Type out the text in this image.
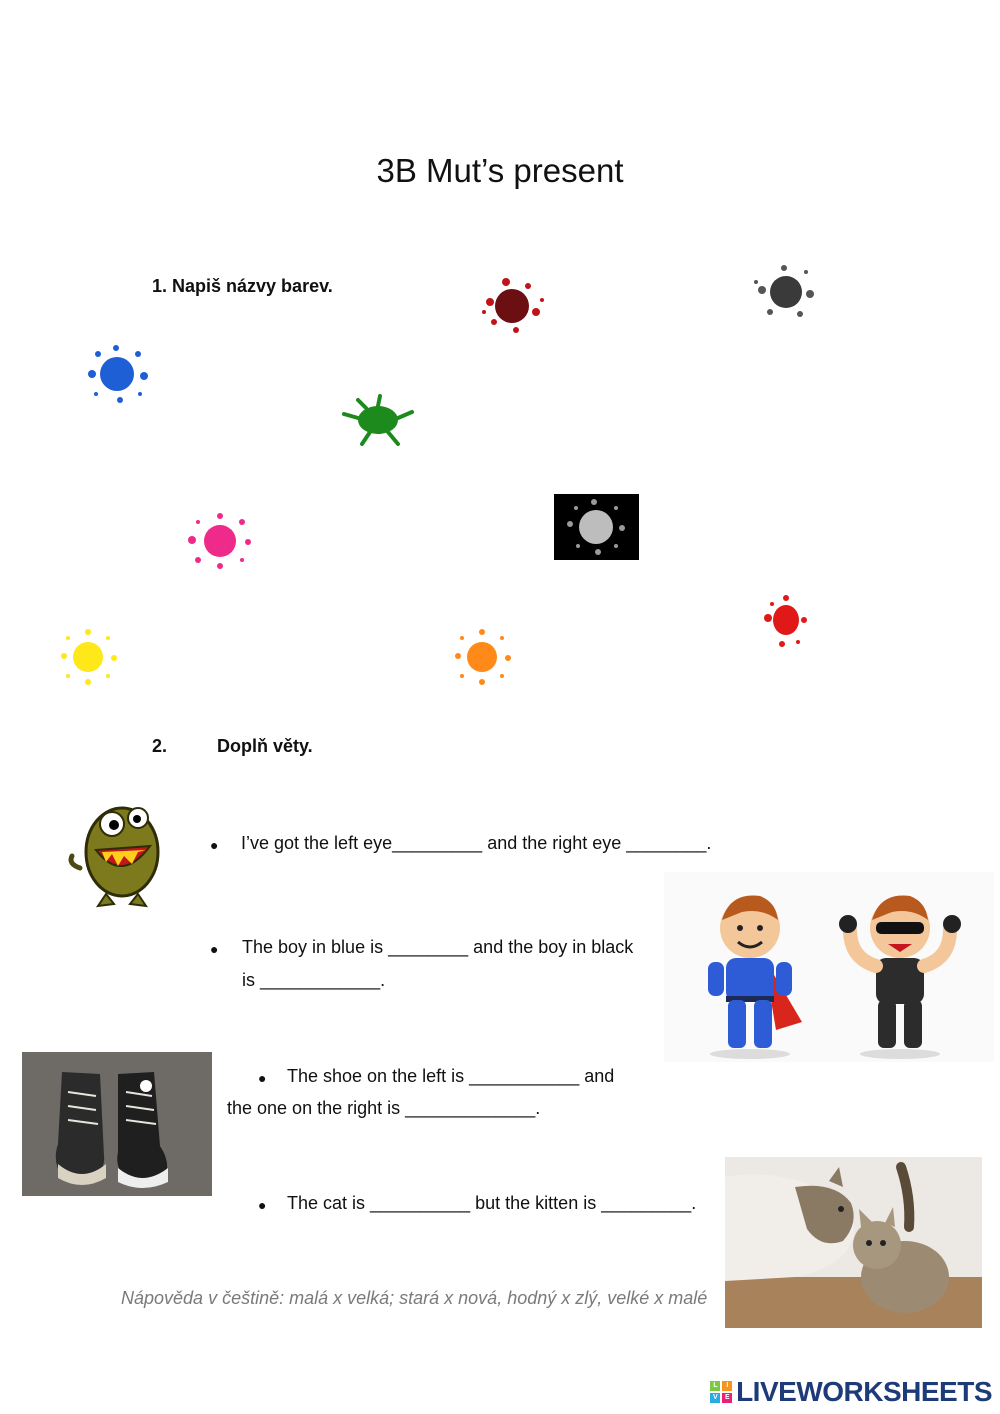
3B Mut’s present
1. Napiš názvy barev.
2.	Doplň věty.
● I’ve got the left eye_________ and the right eye ________.
● The boy in blue is ________ and the boy in black
is ____________.
● The shoe on the left is ___________ and
the one on the right is _____________.
● The cat is __________ but the kitten is _________.
Nápověda v češtině: malá x velká; stará x nová, hodný x zlý, velké x malé
L	I
V	E LIVEWORKSHEETS
